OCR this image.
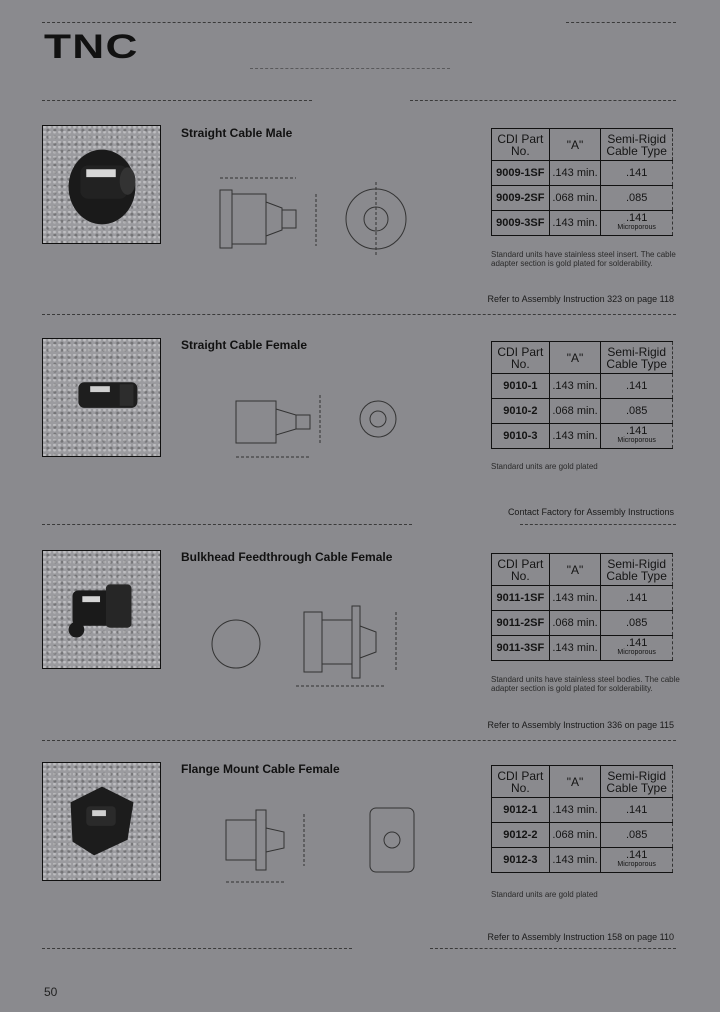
TNC
Straight Cable Male	CDI Part No.	"A"	Semi-Rigid Cable Type
9009-1SF	.143 min.	.141
9009-2SF	.068 min.	.085
9009-3SF	.143 min.	.141
Microporous
Standard units have stainless steel insert. The cable adapter section is gold plated for solderability.
Refer to Assembly Instruction 323 on page 118
Straight Cable Female	CDI Part No.	"A"	Semi-Rigid Cable Type
9010-1	.143 min.	.141
9010-2	.068 min.	.085
9010-3	.143 min.	.141
Microporous
Standard units are gold plated
Contact Factory for Assembly Instructions
Bulkhead Feedthrough Cable Female	CDI Part No.	"A"	Semi-Rigid Cable Type
9011-1SF	.143 min.	.141
9011-2SF	.068 min.	.085
9011-3SF	.143 min.	.141
Microporous
Standard units have stainless steel bodies. The cable adapter section is gold plated for solderability.
Refer to Assembly Instruction 336 on page 115
Flange Mount Cable Female	CDI Part No.	"A"	Semi-Rigid Cable Type
9012-1	.143 min.	.141
9012-2	.068 min.	.085
9012-3	.143 min.	.141
Microporous
Standard units are gold plated
Refer to Assembly Instruction 158 on page 110
50
